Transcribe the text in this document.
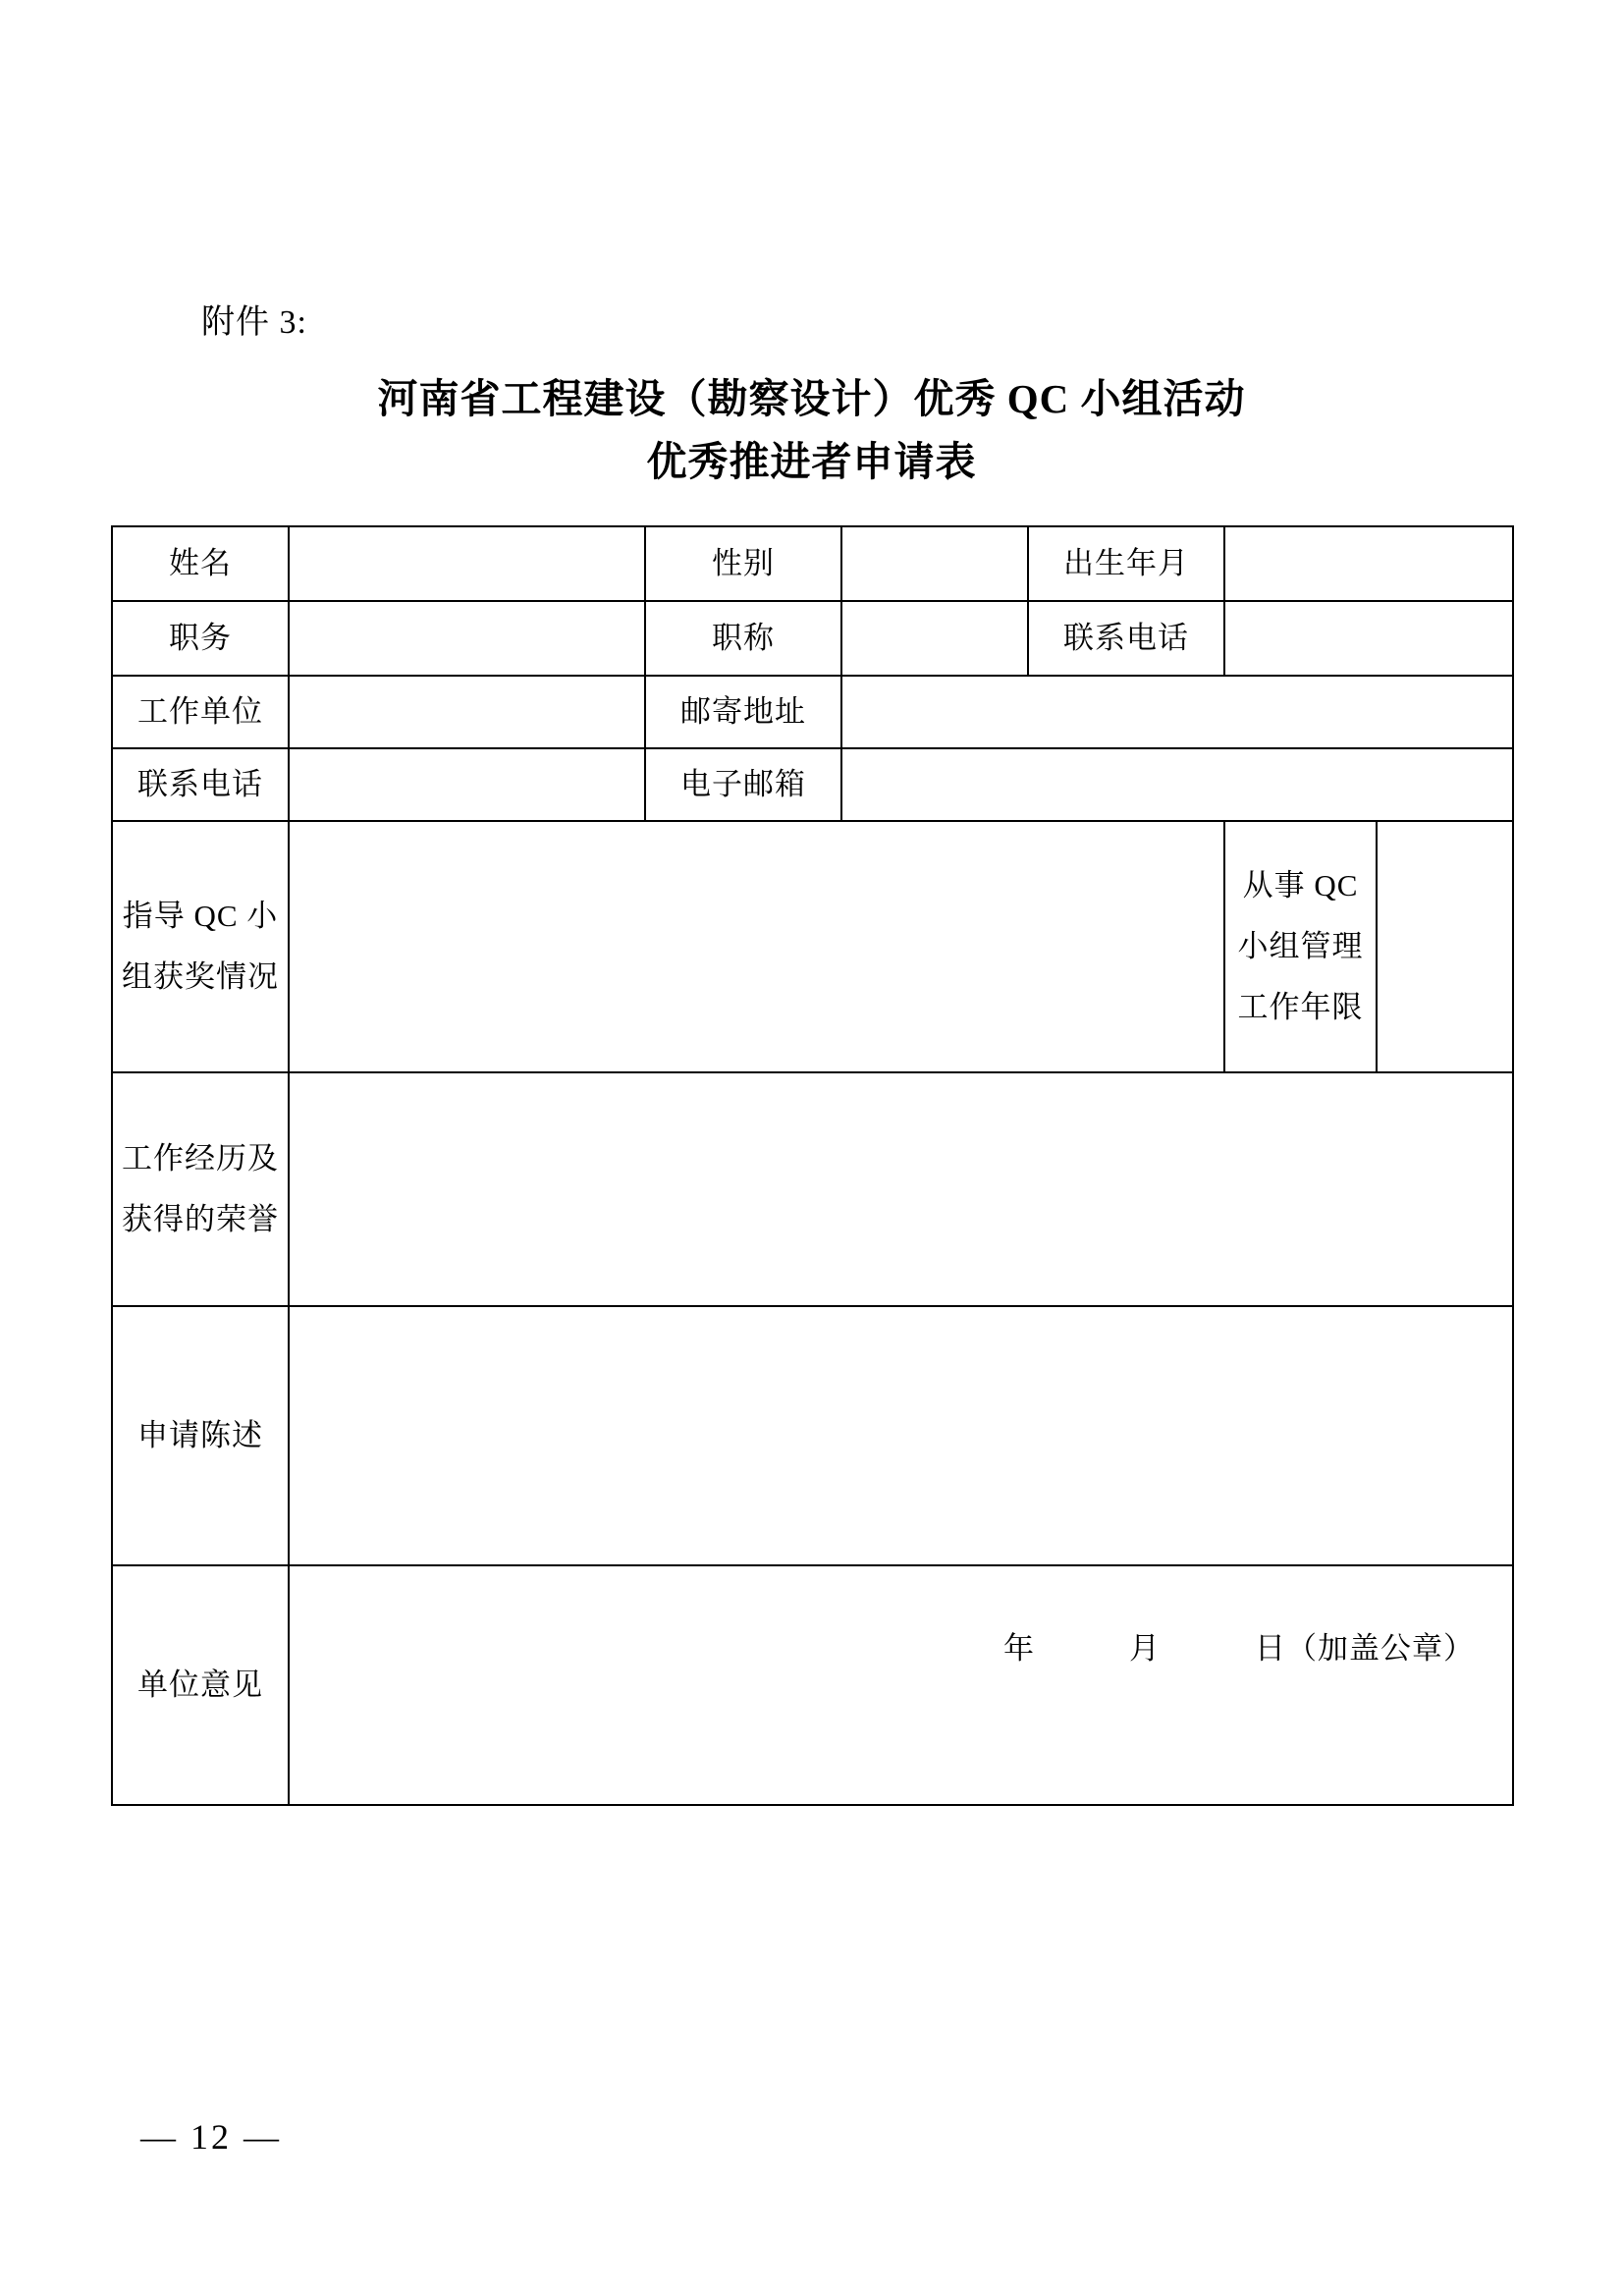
附件 3:
河南省工程建设（勘察设计）优秀 QC 小组活动
优秀推进者申请表
姓名		性别		出生年月		
职务		职称		联系电话		
工作单位		邮寄地址				
联系电话		电子邮箱				
指导 QC 小组获奖情况					从事 QC 小组管理工作年限	
工作经历及获得的荣誉						
申请陈述						
单位意见	年　　　月　　　日（加盖公章）					
— 12 —
